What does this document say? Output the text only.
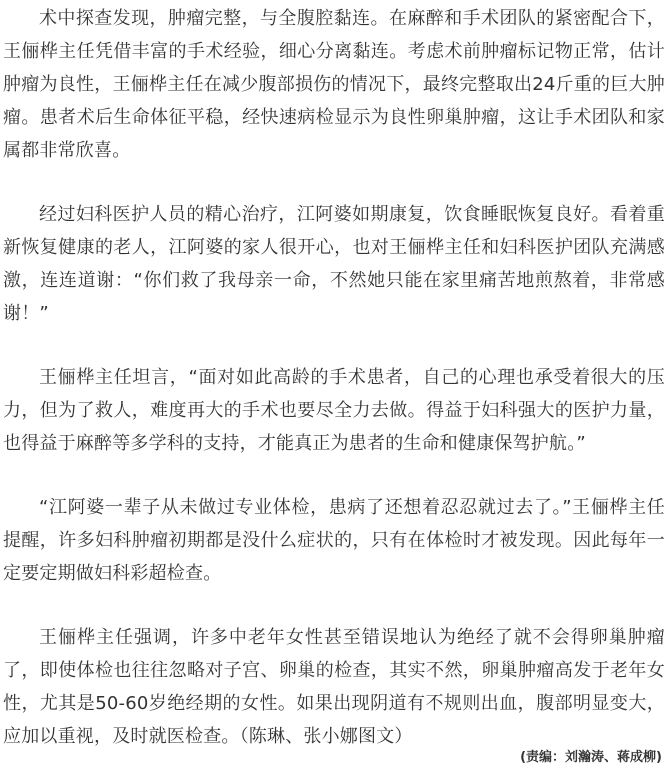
术中探查发现，肿瘤完整，与全腹腔黏连。在麻醉和手术团队的紧密配合下，王俪桦主任凭借丰富的手术经验，细心分离黏连。考虑术前肿瘤标记物正常，估计肿瘤为良性，王俪桦主任在减少腹部损伤的情况下，最终完整取出24斤重的巨大肿瘤。患者术后生命体征平稳，经快速病检显示为良性卵巢肿瘤，这让手术团队和家属都非常欣喜。

经过妇科医护人员的精心治疗，江阿婆如期康复，饮食睡眠恢复良好。看着重新恢复健康的老人，江阿婆的家人很开心，也对王俪桦主任和妇科医护团队充满感激，连连道谢：“你们救了我母亲一命，不然她只能在家里痛苦地煎熬着，非常感谢！”

王俪桦主任坦言，“面对如此高龄的手术患者，自己的心理也承受着很大的压力，但为了救人，难度再大的手术也要尽全力去做。得益于妇科强大的医护力量，也得益于麻醉等多学科的支持，才能真正为患者的生命和健康保驾护航。”

“江阿婆一辈子从未做过专业体检，患病了还想着忍忍就过去了。”王俪桦主任提醒，许多妇科肿瘤初期都是没什么症状的，只有在体检时才被发现。因此每年一定要定期做妇科彩超检查。

王俪桦主任强调，许多中老年女性甚至错误地认为绝经了就不会得卵巢肿瘤了，即使体检也往往忽略对子宫、卵巢的检查，其实不然，卵巢肿瘤高发于老年女性，尤其是50-60岁绝经期的女性。如果出现阴道有不规则出血，腹部明显变大，应加以重视，及时就医检查。（陈琳、张小娜图文）

(责编：刘瀚涛、蒋成柳)
